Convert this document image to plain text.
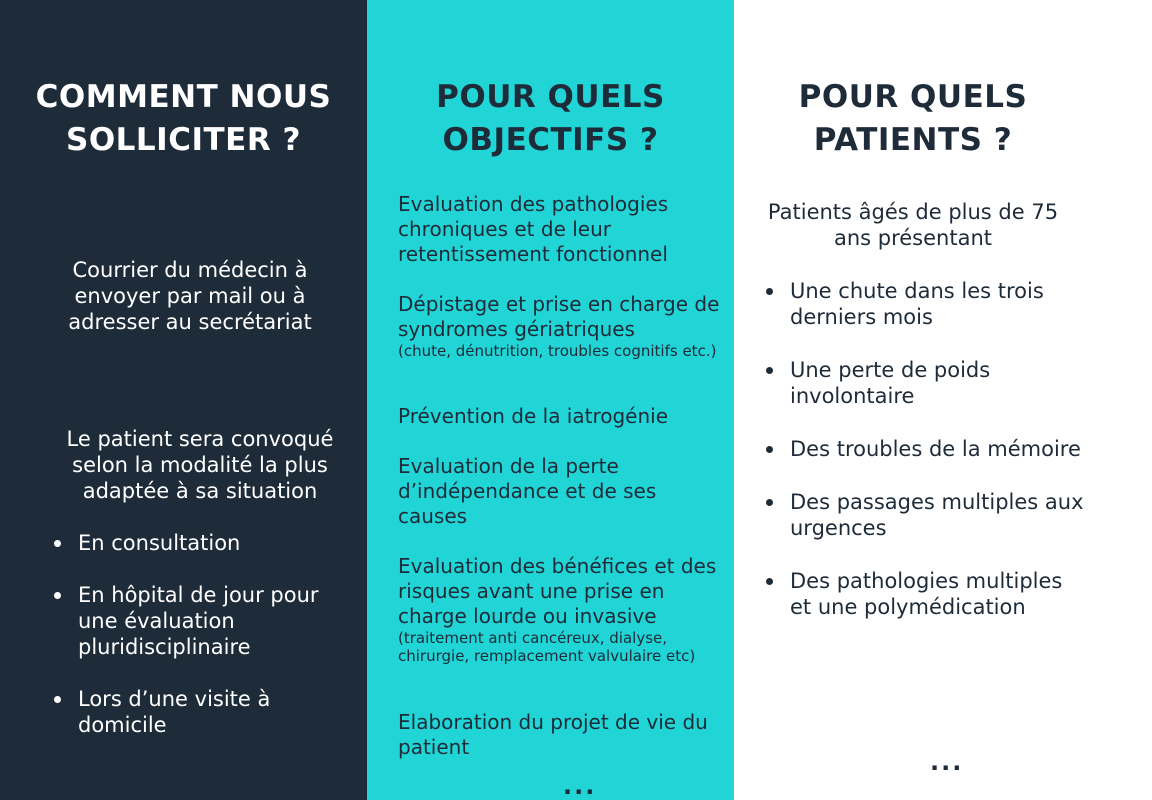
COMMENT NOUS
SOLLICITER ?

Courrier du médecin à envoyer par mail ou à adresser au secrétariat

Le patient sera convoqué selon la modalité la plus adaptée à sa situation

En consultation
En hôpital de jour pour une évaluation pluridisciplinaire
Lors d’une visite à domicile
POUR QUELS
OBJECTIFS ?
Evaluation des pathologies chroniques et de leur retentissement fonctionnel
Dépistage et prise en charge de syndromes gériatriques
(chute, dénutrition, troubles cognitifs etc.)
Prévention de la iatrogénie
Evaluation de la perte d’indépendance et de ses causes
Evaluation des bénéfices et des risques avant une prise en charge lourde ou invasive
(traitement anti cancéreux, dialyse, chirurgie, remplacement valvulaire etc)
Elaboration du projet de vie du patient
...
POUR QUELS
PATIENTS ?

Patients âgés de plus de 75 ans présentant

Une chute dans les trois derniers mois
Une perte de poids involontaire
Des troubles de la mémoire
Des passages multiples aux urgences
Des pathologies multiples et une polymédication
...
